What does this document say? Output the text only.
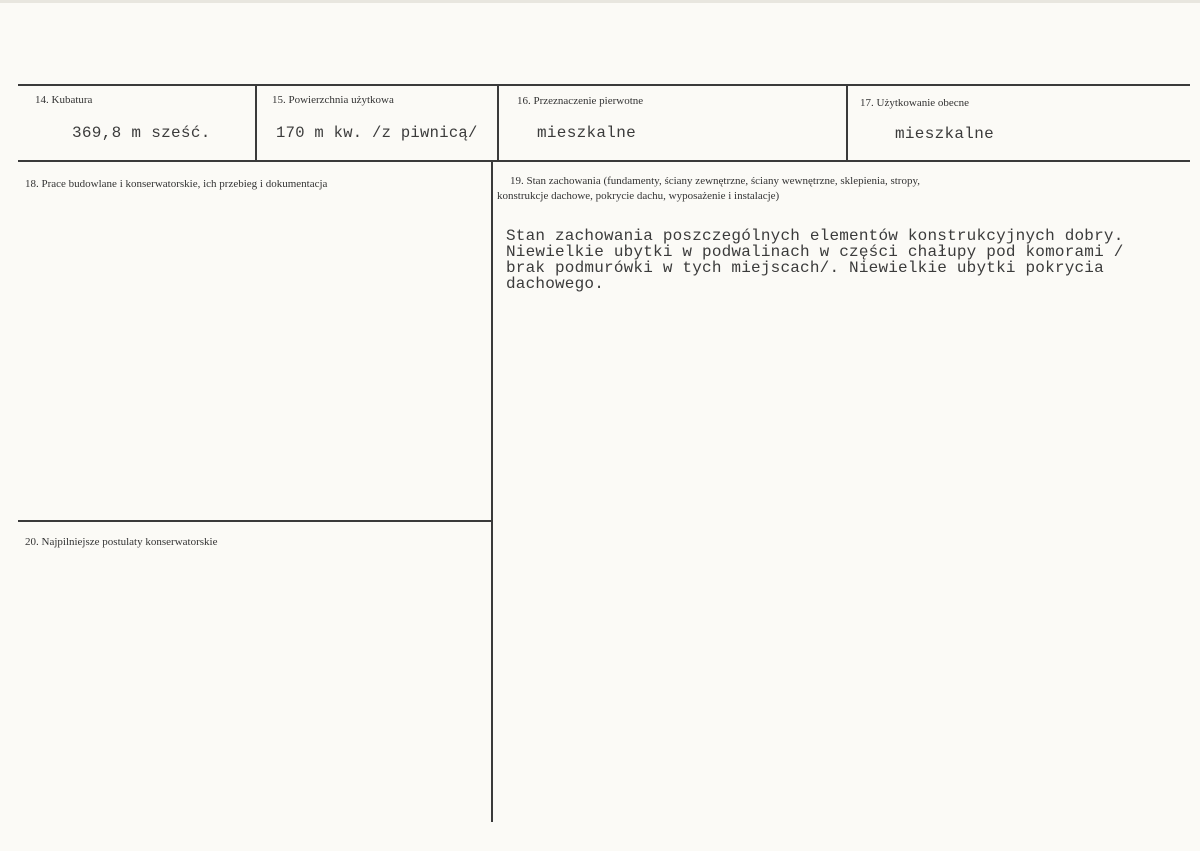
14. Kubatura
369,8 m sześć.
15. Powierzchnia użytkowa
170 m kw. /z piwnicą/
16. Przeznaczenie pierwotne
mieszkalne
17. Użytkowanie obecne
mieszkalne
18. Prace budowlane i konserwatorskie, ich przebieg i dokumentacja	19. Stan zachowania (fundamenty, ściany zewnętrzne, ściany wewnętrzne, sklepienia, stropy,
konstrukcje dachowe, pokrycie dachu, wyposażenie i instalacje)
Stan zachowania poszczególnych elementów konstrukcyjnych dobry.
Niewielkie ubytki w podwalinach w części chałupy pod komorami /
brak podmurówki w tych miejscach/. Niewielkie ubytki pokrycia
dachowego.
20. Najpilniejsze postulaty konserwatorskie
